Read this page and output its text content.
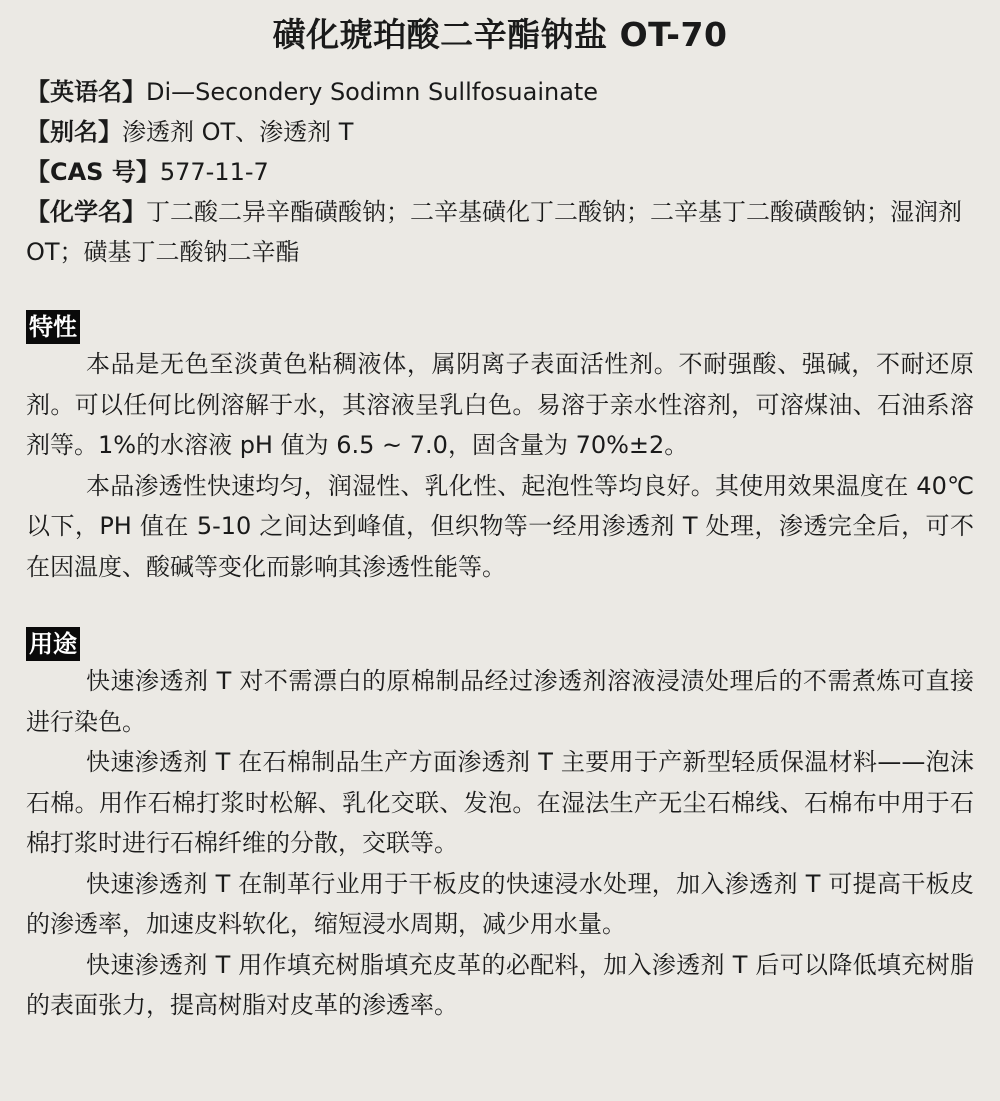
磺化琥珀酸二辛酯钠盐 OT-70

【英语名】Di—Secondery Sodimn Sullfosuainate

【别名】渗透剂 OT、渗透剂 T

【CAS 号】577-11-7

【化学名】丁二酸二异辛酯磺酸钠；二辛基磺化丁二酸钠；二辛基丁二酸磺酸钠；湿润剂 OT；磺基丁二酸钠二辛酯

特性

本品是无色至淡黄色粘稠液体，属阴离子表面活性剂。不耐强酸、强碱，不耐还原剂。可以任何比例溶解于水，其溶液呈乳白色。易溶于亲水性溶剂，可溶煤油、石油系溶剂等。1%的水溶液 pH 值为 6.5 ~ 7.0，固含量为 70%±2。

本品渗透性快速均匀，润湿性、乳化性、起泡性等均良好。其使用效果温度在 40℃以下，PH 值在 5-10 之间达到峰值，但织物等一经用渗透剂 T 处理，渗透完全后，可不在因温度、酸碱等变化而影响其渗透性能等。

用途

快速渗透剂 T 对不需漂白的原棉制品经过渗透剂溶液浸渍处理后的不需煮炼可直接进行染色。

快速渗透剂 T 在石棉制品生产方面渗透剂 T 主要用于产新型轻质保温材料——泡沫石棉。用作石棉打浆时松解、乳化交联、发泡。在湿法生产无尘石棉线、石棉布中用于石棉打浆时进行石棉纤维的分散，交联等。

快速渗透剂 T 在制革行业用于干板皮的快速浸水处理，加入渗透剂 T 可提高干板皮的渗透率，加速皮料软化，缩短浸水周期，减少用水量。

快速渗透剂 T 用作填充树脂填充皮革的必配料，加入渗透剂 T 后可以降低填充树脂的表面张力，提高树脂对皮革的渗透率。
